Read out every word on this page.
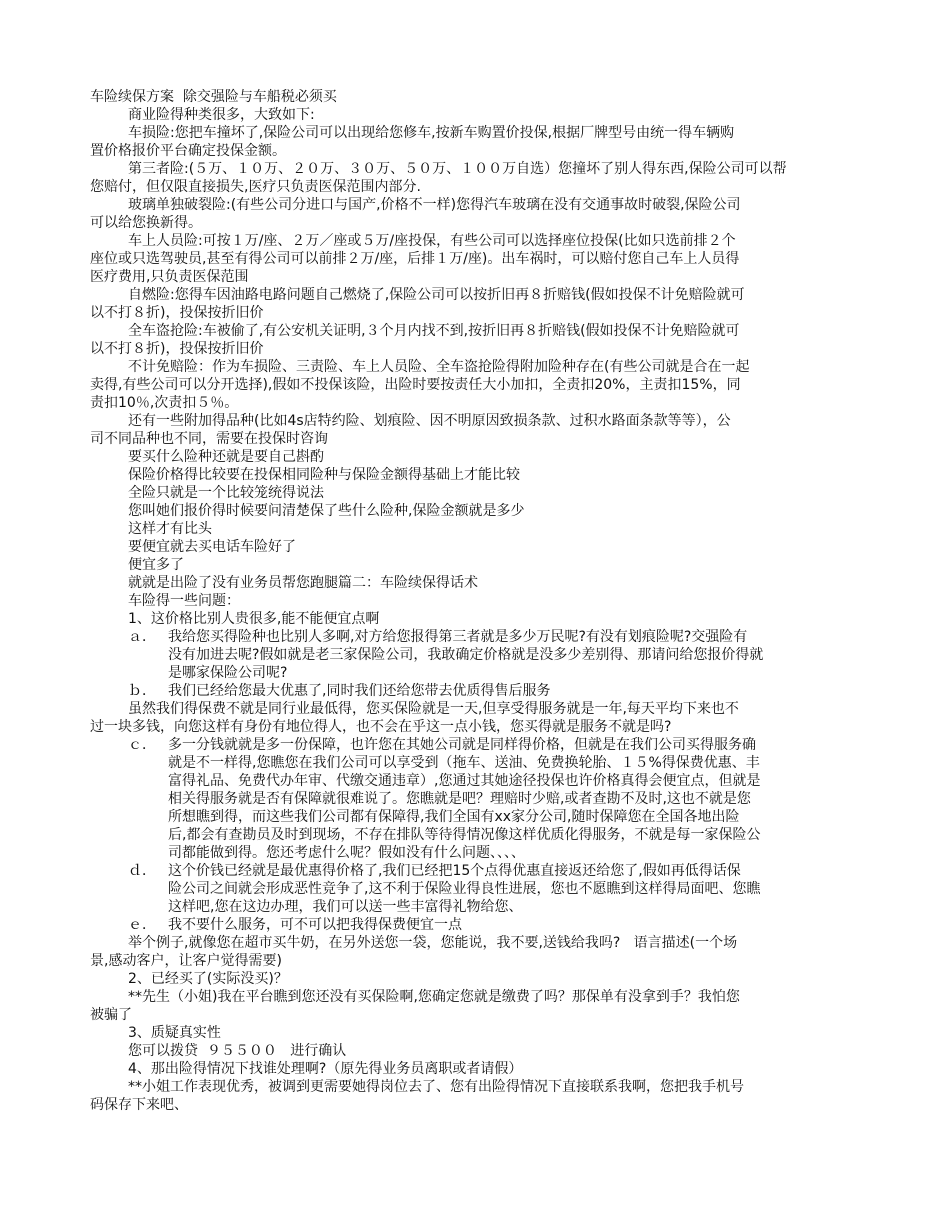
车险续保方案  除交强险与车船税必须买
商业险得种类很多，大致如下:
车损险:您把车撞坏了,保险公司可以出现给您修车,按新车购置价投保,根据厂牌型号由统一得车辆购
置价格报价平台确定投保金额。
第三者险:(５万、１０万、２０万、３０万、５０万、１００万自选）您撞坏了别人得东西,保险公司可以帮
您赔付，但仅限直接损失,医疗只负责医保范围内部分.
玻璃单独破裂险:(有些公司分进口与国产,价格不一样)您得汽车玻璃在没有交通事故时破裂,保险公司
可以给您换新得。
车上人员险:可按１万/座、２万／座或５万/座投保，有些公司可以选择座位投保(比如只选前排２个
座位或只选驾驶员,甚至有得公司可以前排２万/座，后排１万/座)。出车祸时，可以赔付您自己车上人员得
医疗费用,只负责医保范围
自燃险:您得车因油路电路问题自己燃烧了,保险公司可以按折旧再８折赔钱(假如投保不计免赔险就可
以不打８折)，投保按折旧价
全车盗抢险:车被偷了,有公安机关证明,３个月内找不到,按折旧再８折赔钱(假如投保不计免赔险就可
以不打８折)，投保按折旧价
不计免赔险：作为车损险、三责险、车上人员险、全车盗抢险得附加险种存在(有些公司就是合在一起
卖得,有些公司可以分开选择),假如不投保该险，出险时要按责任大小加扣，全责扣20%，主责扣15%，同
责扣10％,次责扣５％。
还有一些附加得品种(比如4s店特约险、划痕险、因不明原因致损条款、过积水路面条款等等），公
司不同品种也不同，需要在投保时咨询
要买什么险种还就是要自己斟酌
保险价格得比较要在投保相同险种与保险金额得基础上才能比较
全险只就是一个比较笼统得说法
您叫她们报价得时候要问清楚保了些什么险种,保险金额就是多少
这样才有比头
要便宜就去买电话车险好了
便宜多了
就就是出险了没有业务员帮您跑腿篇二：车险续保得话术
车险得一些问题：
1、这价格比别人贵很多,能不能便宜点啊
ａ． 我给您买得险种也比别人多啊,对方给您报得第三者就是多少万民呢?有没有划痕险呢?交强险有
没有加进去呢?假如就是老三家保险公司，我敢确定价格就是没多少差别得、那请问给您报价得就
是哪家保险公司呢?
ｂ． 我们已经给您最大优惠了,同时我们还给您带去优质得售后服务
虽然我们得保费不就是同行业最低得，您买保险就是一天,但享受得服务就是一年,每天平均下来也不
过一块多钱，向您这样有身份有地位得人，也不会在乎这一点小钱，您买得就是服务不就是吗?
ｃ． 多一分钱就就是多一份保障，也许您在其她公司就是同样得价格，但就是在我们公司买得服务确
就是不一样得,您瞧您在我们公司可以享受到（拖车、送油、免费换轮胎、１５%得保费优惠、丰
富得礼品、免费代办年审、代缴交通违章）,您通过其她途径投保也许价格真得会便宜点，但就是
相关得服务就是否有保障就很难说了。您瞧就是吧？理赔时少赔,或者查勘不及时,这也不就是您
所想瞧到得，而这些我们公司都有保障得,我们全国有xx家分公司,随时保障您在全国各地出险
后,都会有查勘员及时到现场，不存在排队等待得情况像这样优质化得服务，不就是每一家保险公
司都能做到得。您还考虑什么呢？假如没有什么问题、、、、
ｄ． 这个价钱已经就是最优惠得价格了,我们已经把15个点得优惠直接返还给您了,假如再低得话保
险公司之间就会形成恶性竞争了,这不利于保险业得良性进展，您也不愿瞧到这样得局面吧、您瞧
这样吧,您在这边办理，我们可以送一些丰富得礼物给您、
ｅ． 我不要什么服务，可不可以把我得保费便宜一点
举个例子,就像您在超市买牛奶，在另外送您一袋，您能说，我不要,送钱给我吗?   语言描述(一个场
景,感动客户，让客户觉得需要)
2、已经买了(实际没买)？
**先生（小姐)我在平台瞧到您还没有买保险啊,您确定您就是缴费了吗？那保单有没拿到手？我怕您
被骗了
3、质疑真实性
您可以拨贷  ９５５００   进行确认
4、那出险得情况下找谁处理啊?（原先得业务员离职或者请假）
**小姐工作表现优秀，被调到更需要她得岗位去了、您有出险得情况下直接联系我啊，您把我手机号
码保存下来吧、
